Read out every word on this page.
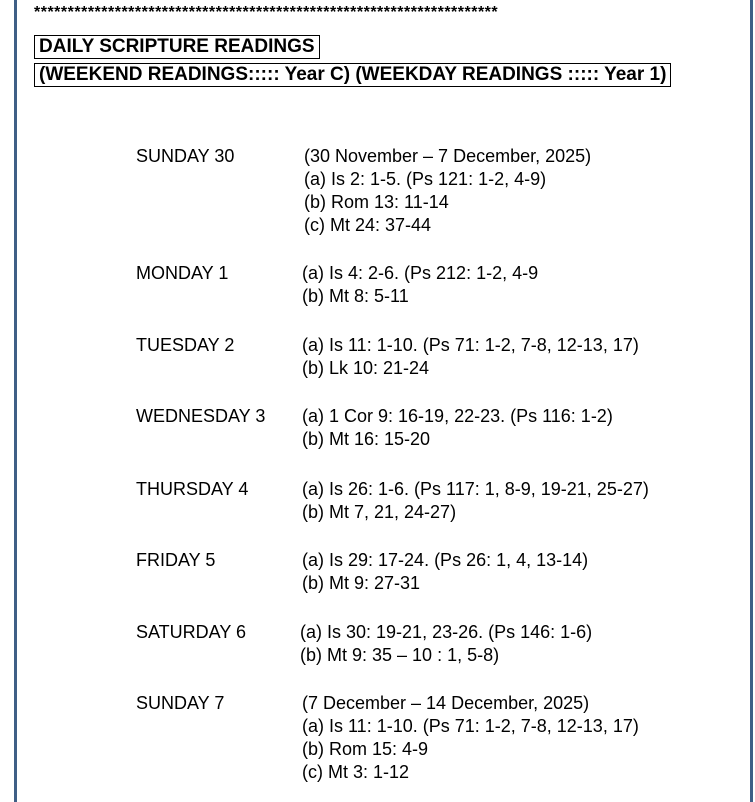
*********************************************************************
DAILY SCRIPTURE READINGS
(WEEKEND READINGS::::: Year C) (WEEKDAY READINGS ::::: Year 1)
SUNDAY 30	(30 November – 7 December, 2025)
(a) Is 2: 1-5. (Ps 121: 1-2, 4-9)
(b) Rom 13: 11-14
(c) Mt 24: 37-44
MONDAY 1	(a) Is 4: 2-6. (Ps 212: 1-2, 4-9
(b) Mt 8: 5-11
TUESDAY 2	(a) Is 11: 1-10. (Ps 71: 1-2, 7-8, 12-13, 17)
(b) Lk 10: 21-24
WEDNESDAY 3 (a) 1 Cor 9: 16-19, 22-23. (Ps 116: 1-2)
(b) Mt 16: 15-20
THURSDAY 4	(a) Is 26: 1-6. (Ps 117: 1, 8-9, 19-21, 25-27)
(b) Mt 7, 21, 24-27)
FRIDAY 5	(a) Is 29: 17-24. (Ps 26: 1, 4, 13-14)
(b) Mt 9: 27-31
SATURDAY 6	(a) Is 30: 19-21, 23-26. (Ps 146: 1-6)
(b) Mt 9: 35 – 10 : 1, 5-8)
SUNDAY 7	(7 December – 14 December, 2025)
(a) Is 11: 1-10. (Ps 71: 1-2, 7-8, 12-13, 17)
(b) Rom 15: 4-9
(c) Mt 3: 1-12
